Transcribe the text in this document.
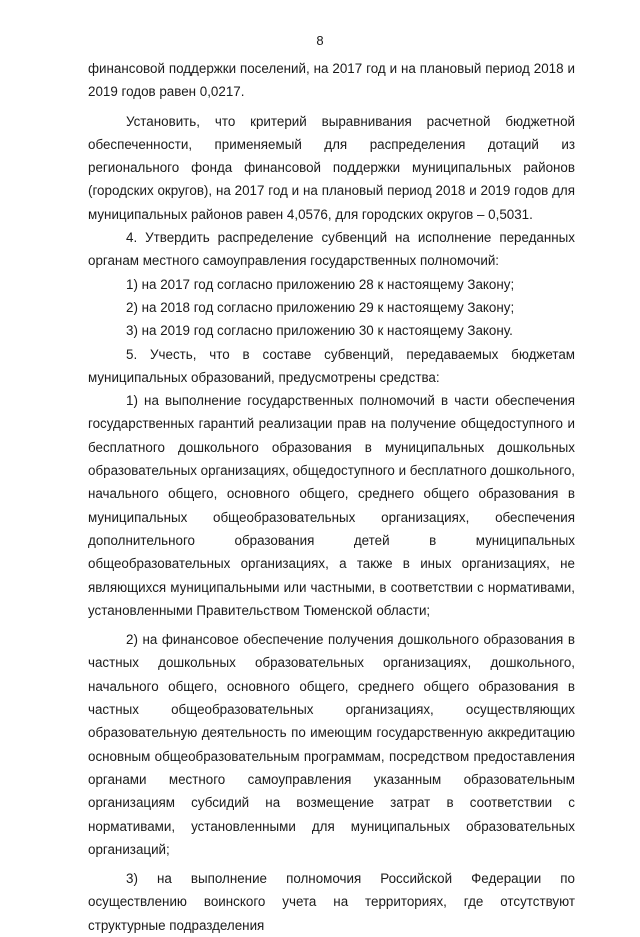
8

финансовой поддержки поселений, на 2017 год и на плановый период 2018 и 2019 годов равен 0,0217.

Установить, что критерий выравнивания расчетной бюджетной обеспеченности, применяемый для распределения дотаций из регионального фонда финансовой поддержки муниципальных районов (городских округов), на 2017 год и на плановый период 2018 и 2019 годов для муниципальных районов равен 4,0576, для городских округов – 0,5031.

4. Утвердить распределение субвенций на исполнение переданных органам местного самоуправления государственных полномочий:

1) на 2017 год согласно приложению 28 к настоящему Закону;

2) на 2018 год согласно приложению 29 к настоящему Закону;

3) на 2019 год согласно приложению 30 к настоящему Закону.

5. Учесть, что в составе субвенций, передаваемых бюджетам муниципальных образований, предусмотрены средства:

1) на выполнение государственных полномочий в части обеспечения государственных гарантий реализации прав на получение общедоступного и бесплатного дошкольного образования в муниципальных дошкольных образовательных организациях, общедоступного и бесплатного дошкольного, начального общего, основного общего, среднего общего образования в муниципальных общеобразовательных организациях, обеспечения дополнительного образования детей в муниципальных общеобразовательных организациях, а также в иных организациях, не являющихся муниципальными или частными, в соответствии с нормативами, установленными Правительством Тюменской области;

2) на финансовое обеспечение получения дошкольного образования в частных дошкольных образовательных организациях, дошкольного, начального общего, основного общего, среднего общего образования в частных общеобразовательных организациях, осуществляющих образовательную деятельность по имеющим государственную аккредитацию основным общеобразовательным программам, посредством предоставления органами местного самоуправления указанным образовательным организациям субсидий на возмещение затрат в соответствии с нормативами, установленными для муниципальных образовательных организаций;

3) на выполнение полномочия Российской Федерации по осуществлению воинского учета на территориях, где отсутствуют структурные подразделения
